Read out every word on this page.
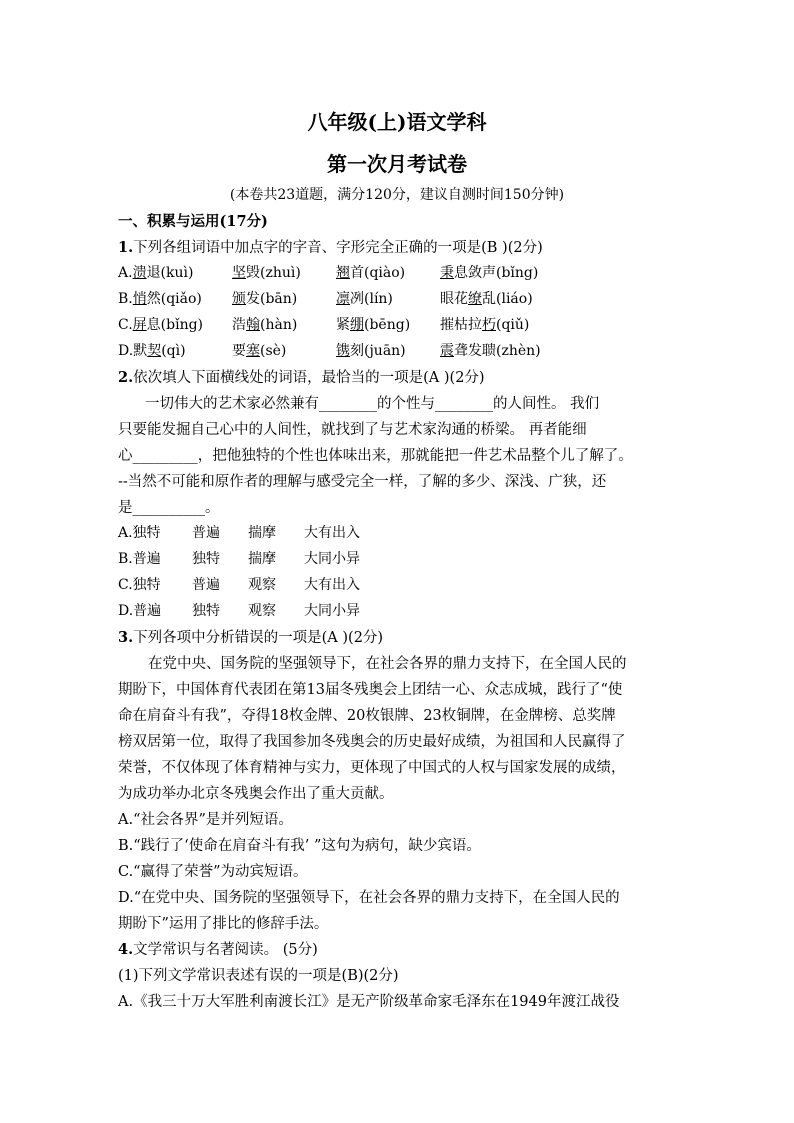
八年级(上)语文学科
第一次月考试卷
(本卷共23道题，满分120分，建议自测时间150分钟)
一、积累与运用(17分)
1.下列各组词语中加点字的字音、字形完全正确的一项是(B )(2分)
A.溃退(kuì)	坚毁(zhuì)	翘首(qiào) 秉息敛声(bǐng)
B.悄然(qiǎo) 颁发(bān)	凛冽(lín)	眼花缭乱(liáo)
C.屏息(bǐng) 浩翰(hàn)	紧绷(bēng) 摧枯拉朽(qiǔ)
D.默契(qì)	要塞(sè)	镌刻(juān) 震聋发聩(zhèn)
2.依次填人下面横线处的词语，最恰当的一项是(A )(2分)
一切伟大的艺术家必然兼有________的个性与________的人间性。 我们
只要能发掘自己心中的人间性，就找到了与艺术家沟通的桥梁。 再者能细
心_________，把他独特的个性也体味出来，那就能把一件艺术品整个儿了解了。
--当然不可能和原作者的理解与感受完全一样，了解的多少、深浅、广狭，还
是__________。
A.独特 普遍 揣摩 大有出入
B.普遍 独特 揣摩 大同小异
C.独特 普遍 观察 大有出入
D.普遍 独特 观察 大同小异
3.下列各项中分析错误的一项是(A )(2分)
在党中央、国务院的坚强领导下，在社会各界的鼎力支持下，在全国人民的
期盼下，中国体育代表团在第13届冬残奥会上团结一心、众志成城，践行了“使
命在肩奋斗有我”，夺得18枚金牌、20枚银牌、23枚铜牌，在金牌榜、总奖牌
榜双居第一位，取得了我国参加冬残奥会的历史最好成绩，为祖国和人民赢得了
荣誉，不仅体现了体育精神与实力，更体现了中国式的人权与国家发展的成绩，
为成功举办北京冬残奥会作出了重大贡献。
A.“社会各界”是并列短语。
B.“践行了‘使命在肩奋斗有我’ ”这句为病句，缺少宾语。
C.“赢得了荣誉”为动宾短语。
D.“在党中央、国务院的坚强领导下，在社会各界的鼎力支持下，在全国人民的
期盼下”运用了排比的修辞手法。
4.文学常识与名著阅读。 (5分)
(1)下列文学常识表述有误的一项是(B)(2分)
A.《我三十万大军胜利南渡长江》是无产阶级革命家毛泽东在1949年渡江战役
